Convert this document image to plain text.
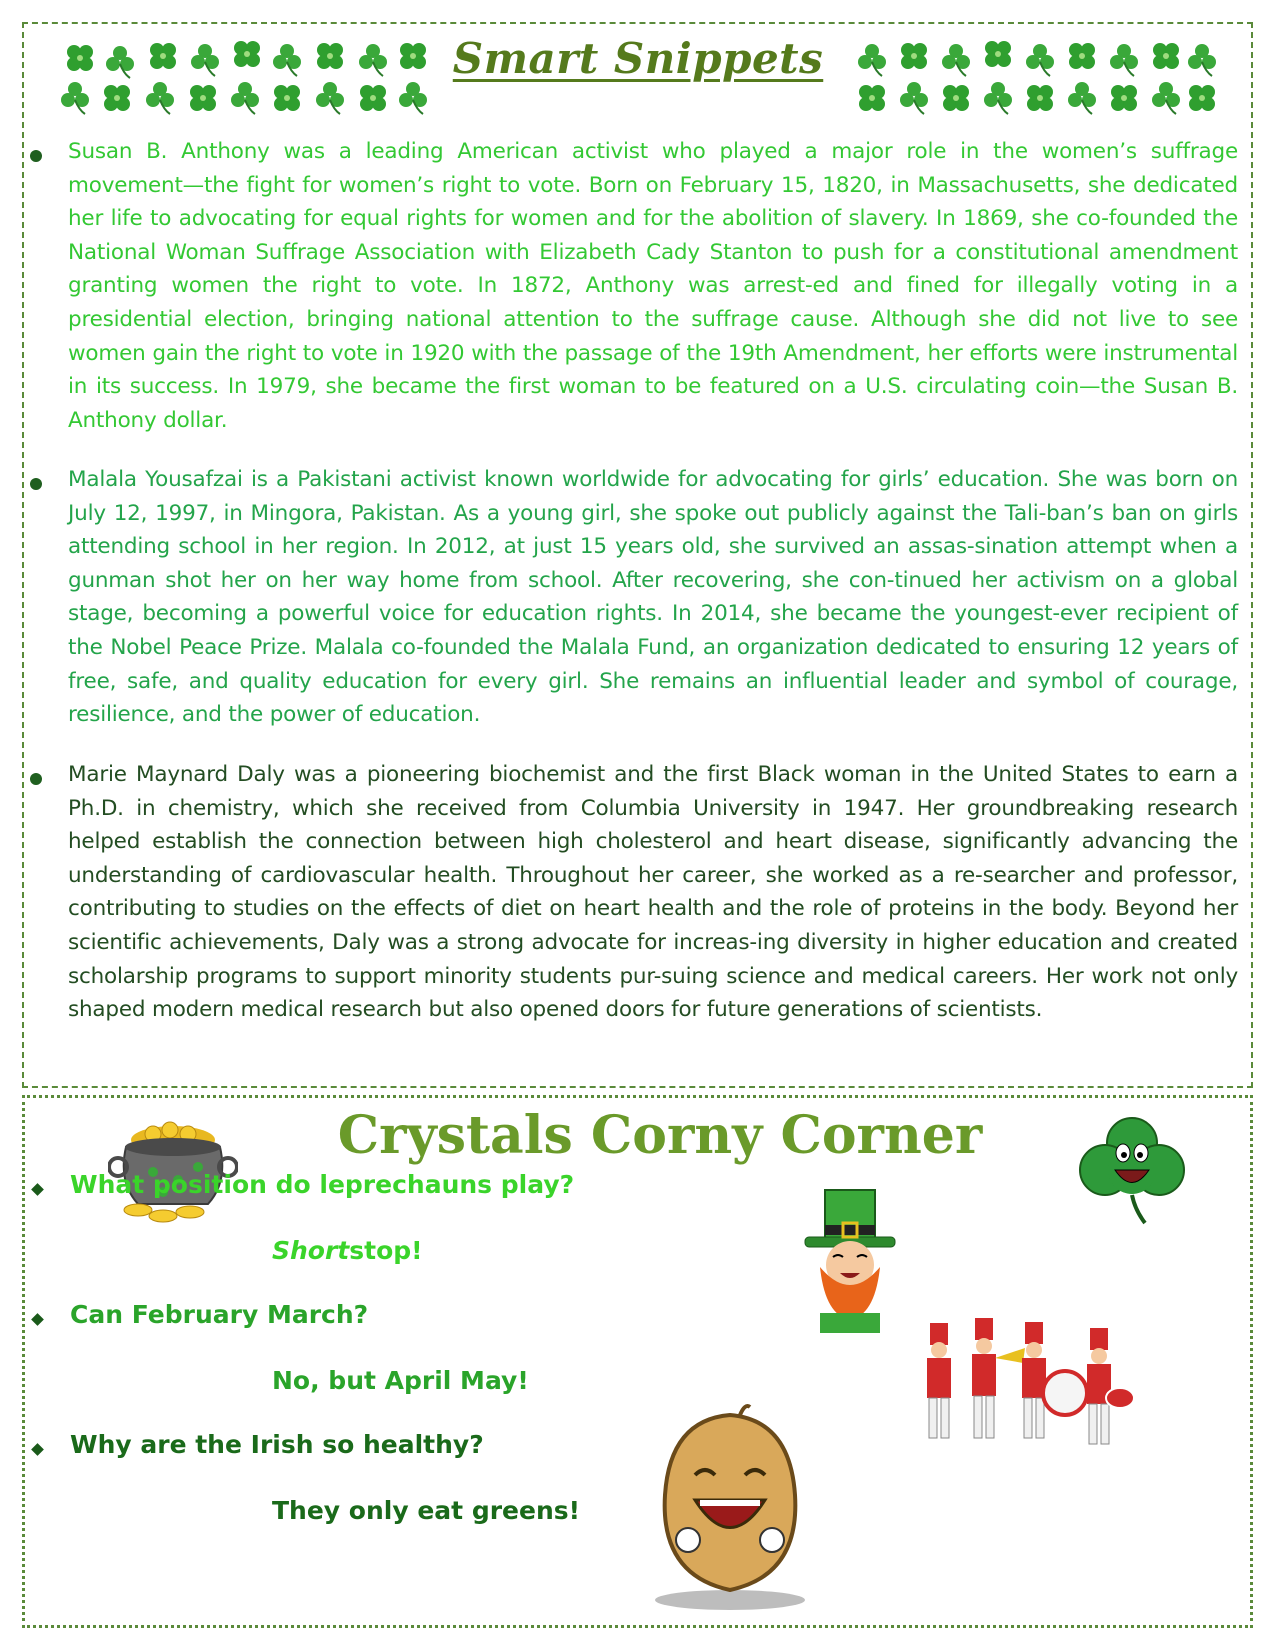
Smart Snippets

Susan B. Anthony was a leading American activist who played a major role in the women’s suffrage movement—the fight for women’s right to vote. Born on February 15, 1820, in Massachusetts, she dedicated her life to advocating for equal rights for women and for the abolition of slavery. In 1869, she co-founded the National Woman Suffrage Association with Elizabeth Cady Stanton to push for a constitutional amendment granting women the right to vote. In 1872, Anthony was arrest-ed and fined for illegally voting in a presidential election, bringing national attention to the suffrage cause. Although she did not live to see women gain the right to vote in 1920 with the passage of the 19th Amendment, her efforts were instrumental in its success. In 1979, she became the first woman to be featured on a U.S. circulating coin—the Susan B. Anthony dollar.

Malala Yousafzai is a Pakistani activist known worldwide for advocating for girls’ education. She was born on July 12, 1997, in Mingora, Pakistan. As a young girl, she spoke out publicly against the Tali-ban’s ban on girls attending school in her region. In 2012, at just 15 years old, she survived an assas-sination attempt when a gunman shot her on her way home from school. After recovering, she con-tinued her activism on a global stage, becoming a powerful voice for education rights. In 2014, she became the youngest-ever recipient of the Nobel Peace Prize. Malala co-founded the Malala Fund, an organization dedicated to ensuring 12 years of free, safe, and quality education for every girl. She remains an influential leader and symbol of courage, resilience, and the power of education.

Marie Maynard Daly was a pioneering biochemist and the first Black woman in the United States to earn a Ph.D. in chemistry, which she received from Columbia University in 1947. Her groundbreaking research helped establish the connection between high cholesterol and heart disease, significantly advancing the understanding of cardiovascular health. Throughout her career, she worked as a re-searcher and professor, contributing to studies on the effects of diet on heart health and the role of proteins in the body. Beyond her scientific achievements, Daly was a strong advocate for increas-ing diversity in higher education and created scholarship programs to support minority students pur-suing science and medical careers. Her work not only shaped modern medical research but also opened doors for future generations of scientists.

Crystals Corny Corner
What position do leprechauns play?
Shortstop!
Can February March?
No, but April May!
Why are the Irish so healthy?
They only eat greens!
